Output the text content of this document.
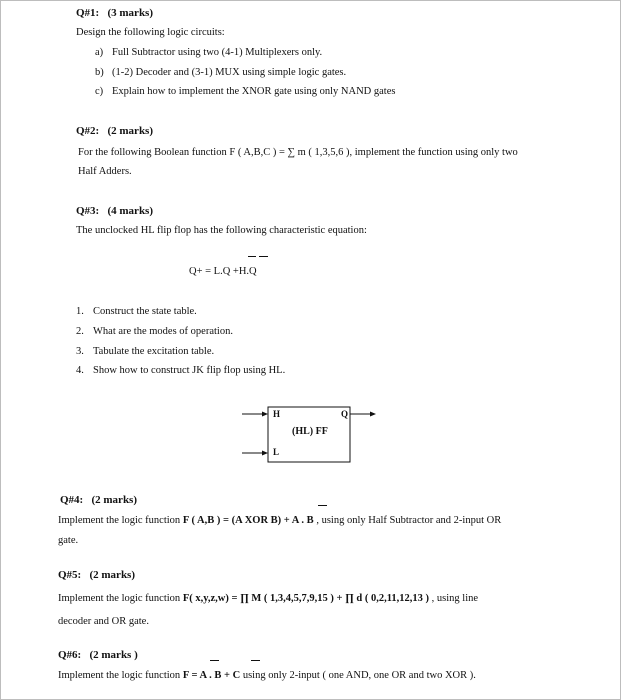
Q#1: (3 marks)
Design the following logic circuits:
a) Full Subtractor using two (4-1) Multiplexers only.
b) (1-2) Decoder and (3-1) MUX using simple logic gates.
c) Explain how to implement the XNOR gate using only NAND gates
Q#2: (2 marks)
For the following Boolean function F ( A,B,C ) = ∑ m ( 1,3,5,6 ), implement the function using only two
Half Adders.
Q#3: (4 marks)
The unclocked HL flip flop has the following characteristic equation:
Q+ = L.Q +H.Q
1. Construct the state table.
2. What are the modes of operation.
3. Tabulate the excitation table.
4. Show how to construct JK flip flop using HL.
H
L
Q
(HL) FF
Q#4: (2 marks)
Implement the logic function F ( A,B ) = (A XOR B) + A . B , using only Half Subtractor and 2-input OR
gate.
Q#5: (2 marks)
Implement the logic function F( x,y,z,w) = ∏ M ( 1,3,4,5,7,9,15 ) + ∏ d ( 0,2,11,12,13 ) , using line
decoder and OR gate.
Q#6: (2 marks )
Implement the logic function F = A . B + C using only 2-input ( one AND, one OR and two XOR ).
